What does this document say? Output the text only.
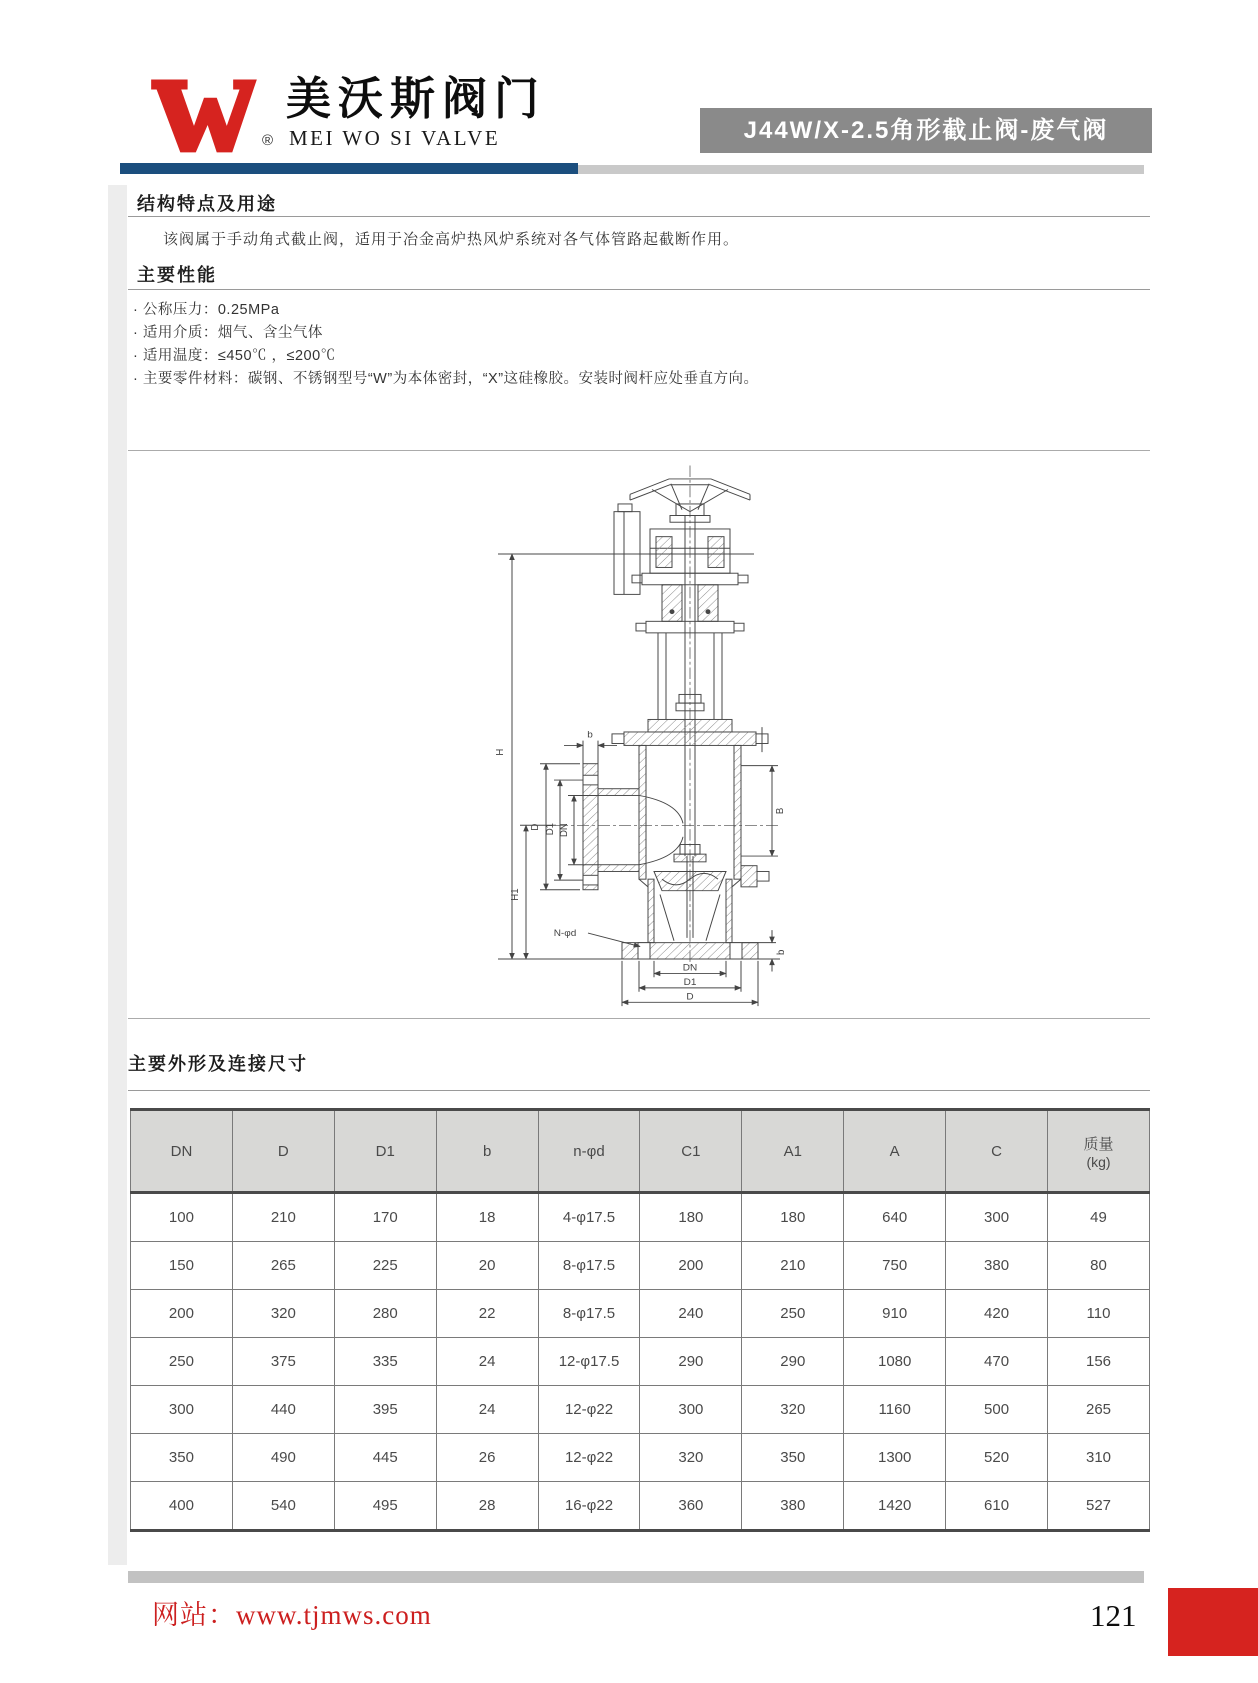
®
美沃斯阀门
MEI WO SI VALVE	J44W/X-2.5角形截止阀-废气阀
结构特点及用途
该阀属于手动角式截止阀，适用于冶金高炉热风炉系统对各气体管路起截断作用。
主要性能
· 公称压力：0.25MPa
· 适用介质：烟气、含尘气体
· 适用温度：≤450℃ ，≤200℃
· 主要零件材料：碳钢、不锈钢型号“W”为本体密封，“X”这硅橡胶。安装时阀杆应处垂直方向。
H
H1
b
D D1 DN
B
N-φd
DN
D1
D
b
主要外形及连接尺寸
DN	D	D1	b	n-φd	C1	A1	A	C	质量
(kg)

100	210	170	18	4-φ17.5	180	180	640	300	49
150	265	225	20	8-φ17.5	200	210	750	380	80
200	320	280	22	8-φ17.5	240	250	910	420	110
250	375	335	24	12-φ17.5	290	290	1080	470	156
300	440	395	24	12-φ22	300	320	1160	500	265
350	490	445	26	12-φ22	320	350	1300	520	310
400	540	495	28	16-φ22	360	380	1420	610	527
网站：www.tjmws.com	121
